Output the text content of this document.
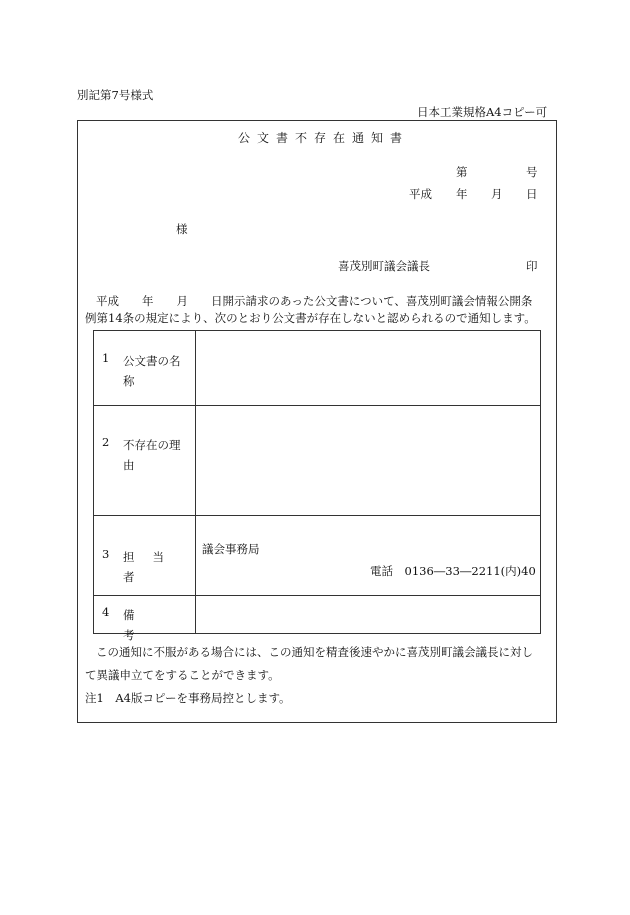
別記第7号様式
日本工業規格A4コピー可
公文書不存在通知書
第	号
平成 年 月 日
様
喜茂別町議会議長	印
平成　　年　　月　　日開示請求のあった公文書について、喜茂別町議会情報公開条
例第14条の規定により、次のとおり公文書が存在しないと認められるので通知します。
1 公文書の名称
2 不存在の理由
3 担当者
議会事務局
電話　0136―33―2211(内)40
4 備考
この通知に不服がある場合には、この通知を精査後速やかに喜茂別町議会議長に対し
て異議申立てをすることができます。
注1　A4版コピーを事務局控とします。
